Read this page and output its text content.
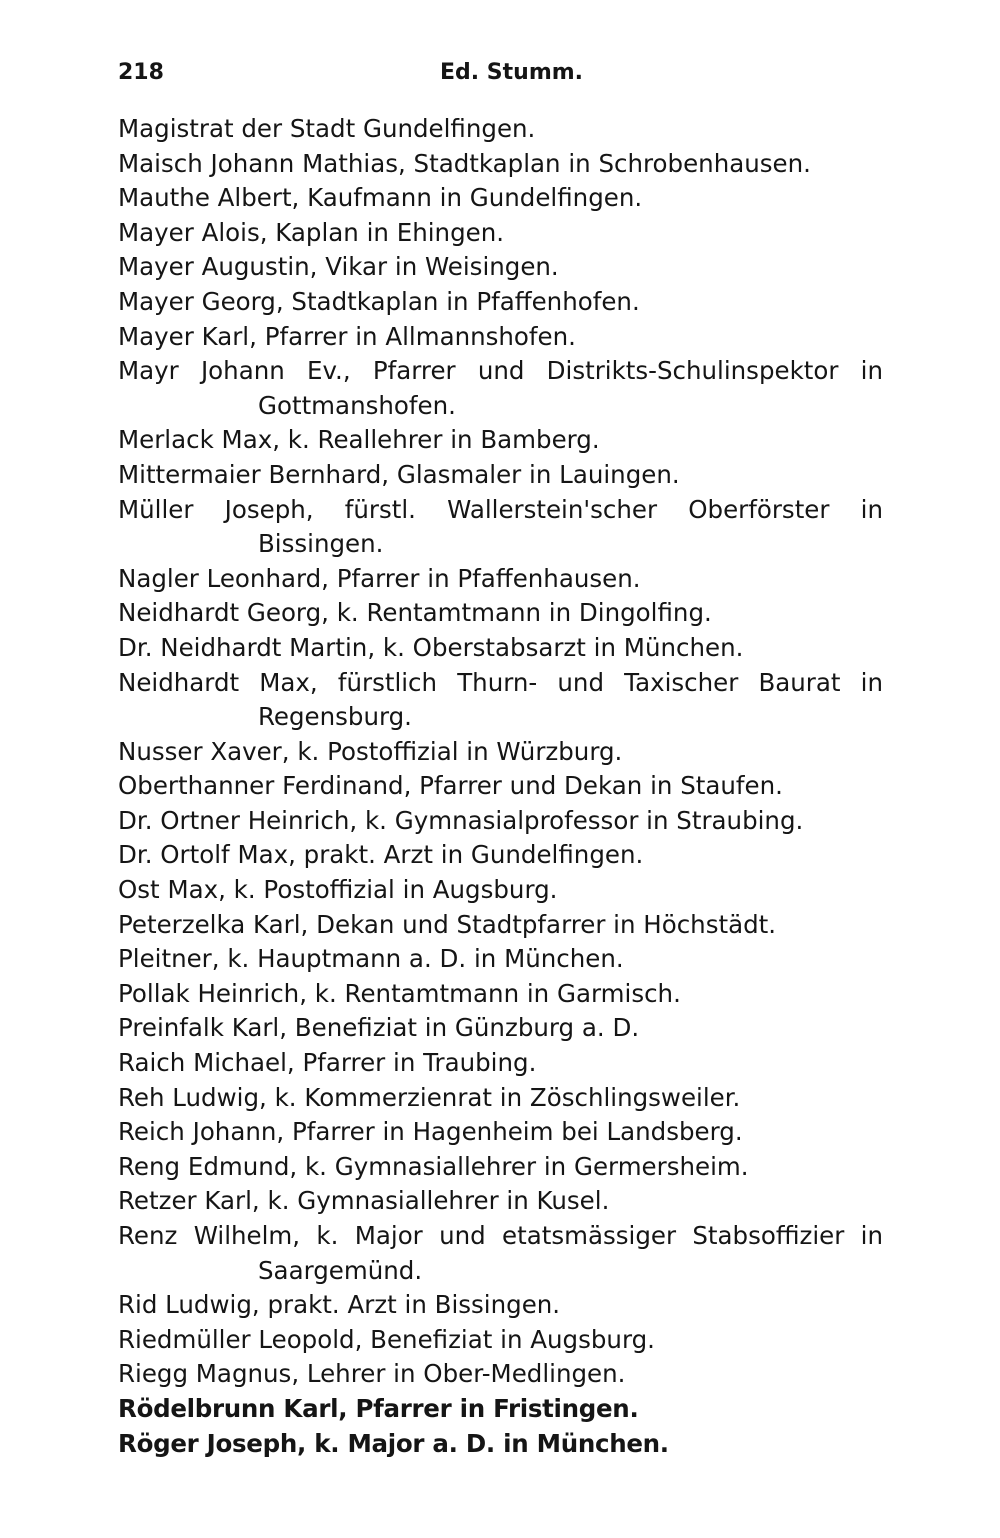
218	Ed. Stumm.
Magistrat der Stadt Gundelfingen.
Maisch Johann Mathias, Stadtkaplan in Schrobenhausen.
Mauthe Albert, Kaufmann in Gundelfingen.
Mayer Alois, Kaplan in Ehingen.
Mayer Augustin, Vikar in Weisingen.
Mayer Georg, Stadtkaplan in Pfaffenhofen.
Mayer Karl, Pfarrer in Allmannshofen.
Mayr Johann Ev., Pfarrer und Distrikts-Schulinspektor in Gottmanshofen.
Merlack Max, k. Reallehrer in Bamberg.
Mittermaier Bernhard, Glasmaler in Lauingen.
Müller Joseph, fürstl. Wallerstein'scher Oberförster in Bissingen.
Nagler Leonhard, Pfarrer in Pfaffenhausen.
Neidhardt Georg, k. Rentamtmann in Dingolfing.
Dr. Neidhardt Martin, k. Oberstabsarzt in München.
Neidhardt Max, fürstlich Thurn- und Taxischer Baurat in Regensburg.
Nusser Xaver, k. Postoffizial in Würzburg.
Oberthanner Ferdinand, Pfarrer und Dekan in Staufen.
Dr. Ortner Heinrich, k. Gymnasialprofessor in Straubing.
Dr. Ortolf Max, prakt. Arzt in Gundelfingen.
Ost Max, k. Postoffizial in Augsburg.
Peterzelka Karl, Dekan und Stadtpfarrer in Höchstädt.
Pleitner, k. Hauptmann a. D. in München.
Pollak Heinrich, k. Rentamtmann in Garmisch.
Preinfalk Karl, Benefiziat in Günzburg a. D.
Raich Michael, Pfarrer in Traubing.
Reh Ludwig, k. Kommerzienrat in Zöschlingsweiler.
Reich Johann, Pfarrer in Hagenheim bei Landsberg.
Reng Edmund, k. Gymnasiallehrer in Germersheim.
Retzer Karl, k. Gymnasiallehrer in Kusel.
Renz Wilhelm, k. Major und etatsmässiger Stabsoffizier in Saargemünd.
Rid Ludwig, prakt. Arzt in Bissingen.
Riedmüller Leopold, Benefiziat in Augsburg.
Riegg Magnus, Lehrer in Ober-Medlingen.
Rödelbrunn Karl, Pfarrer in Fristingen.
Röger Joseph, k. Major a. D. in München.
